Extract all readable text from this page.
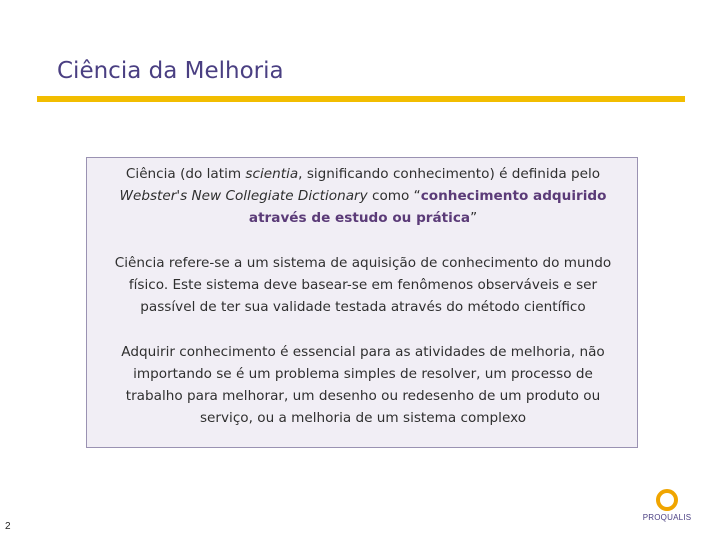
Ciência da Melhoria
Ciência (do latim scientia, significando conhecimento) é definida pelo
Webster's New Collegiate Dictionary como “conhecimento adquirido
através de estudo ou prática”
Ciência refere-se a um sistema de aquisição de conhecimento do mundo
físico. Este sistema deve basear-se em fenômenos observáveis e ser
passível de ter sua validade testada através do método científico
Adquirir conhecimento é essencial para as atividades de melhoria, não
importando se é um problema simples de resolver, um processo de
trabalho para melhorar, um desenho ou redesenho de um produto ou
serviço, ou a melhoria de um sistema complexo
2
PROQUALIS
